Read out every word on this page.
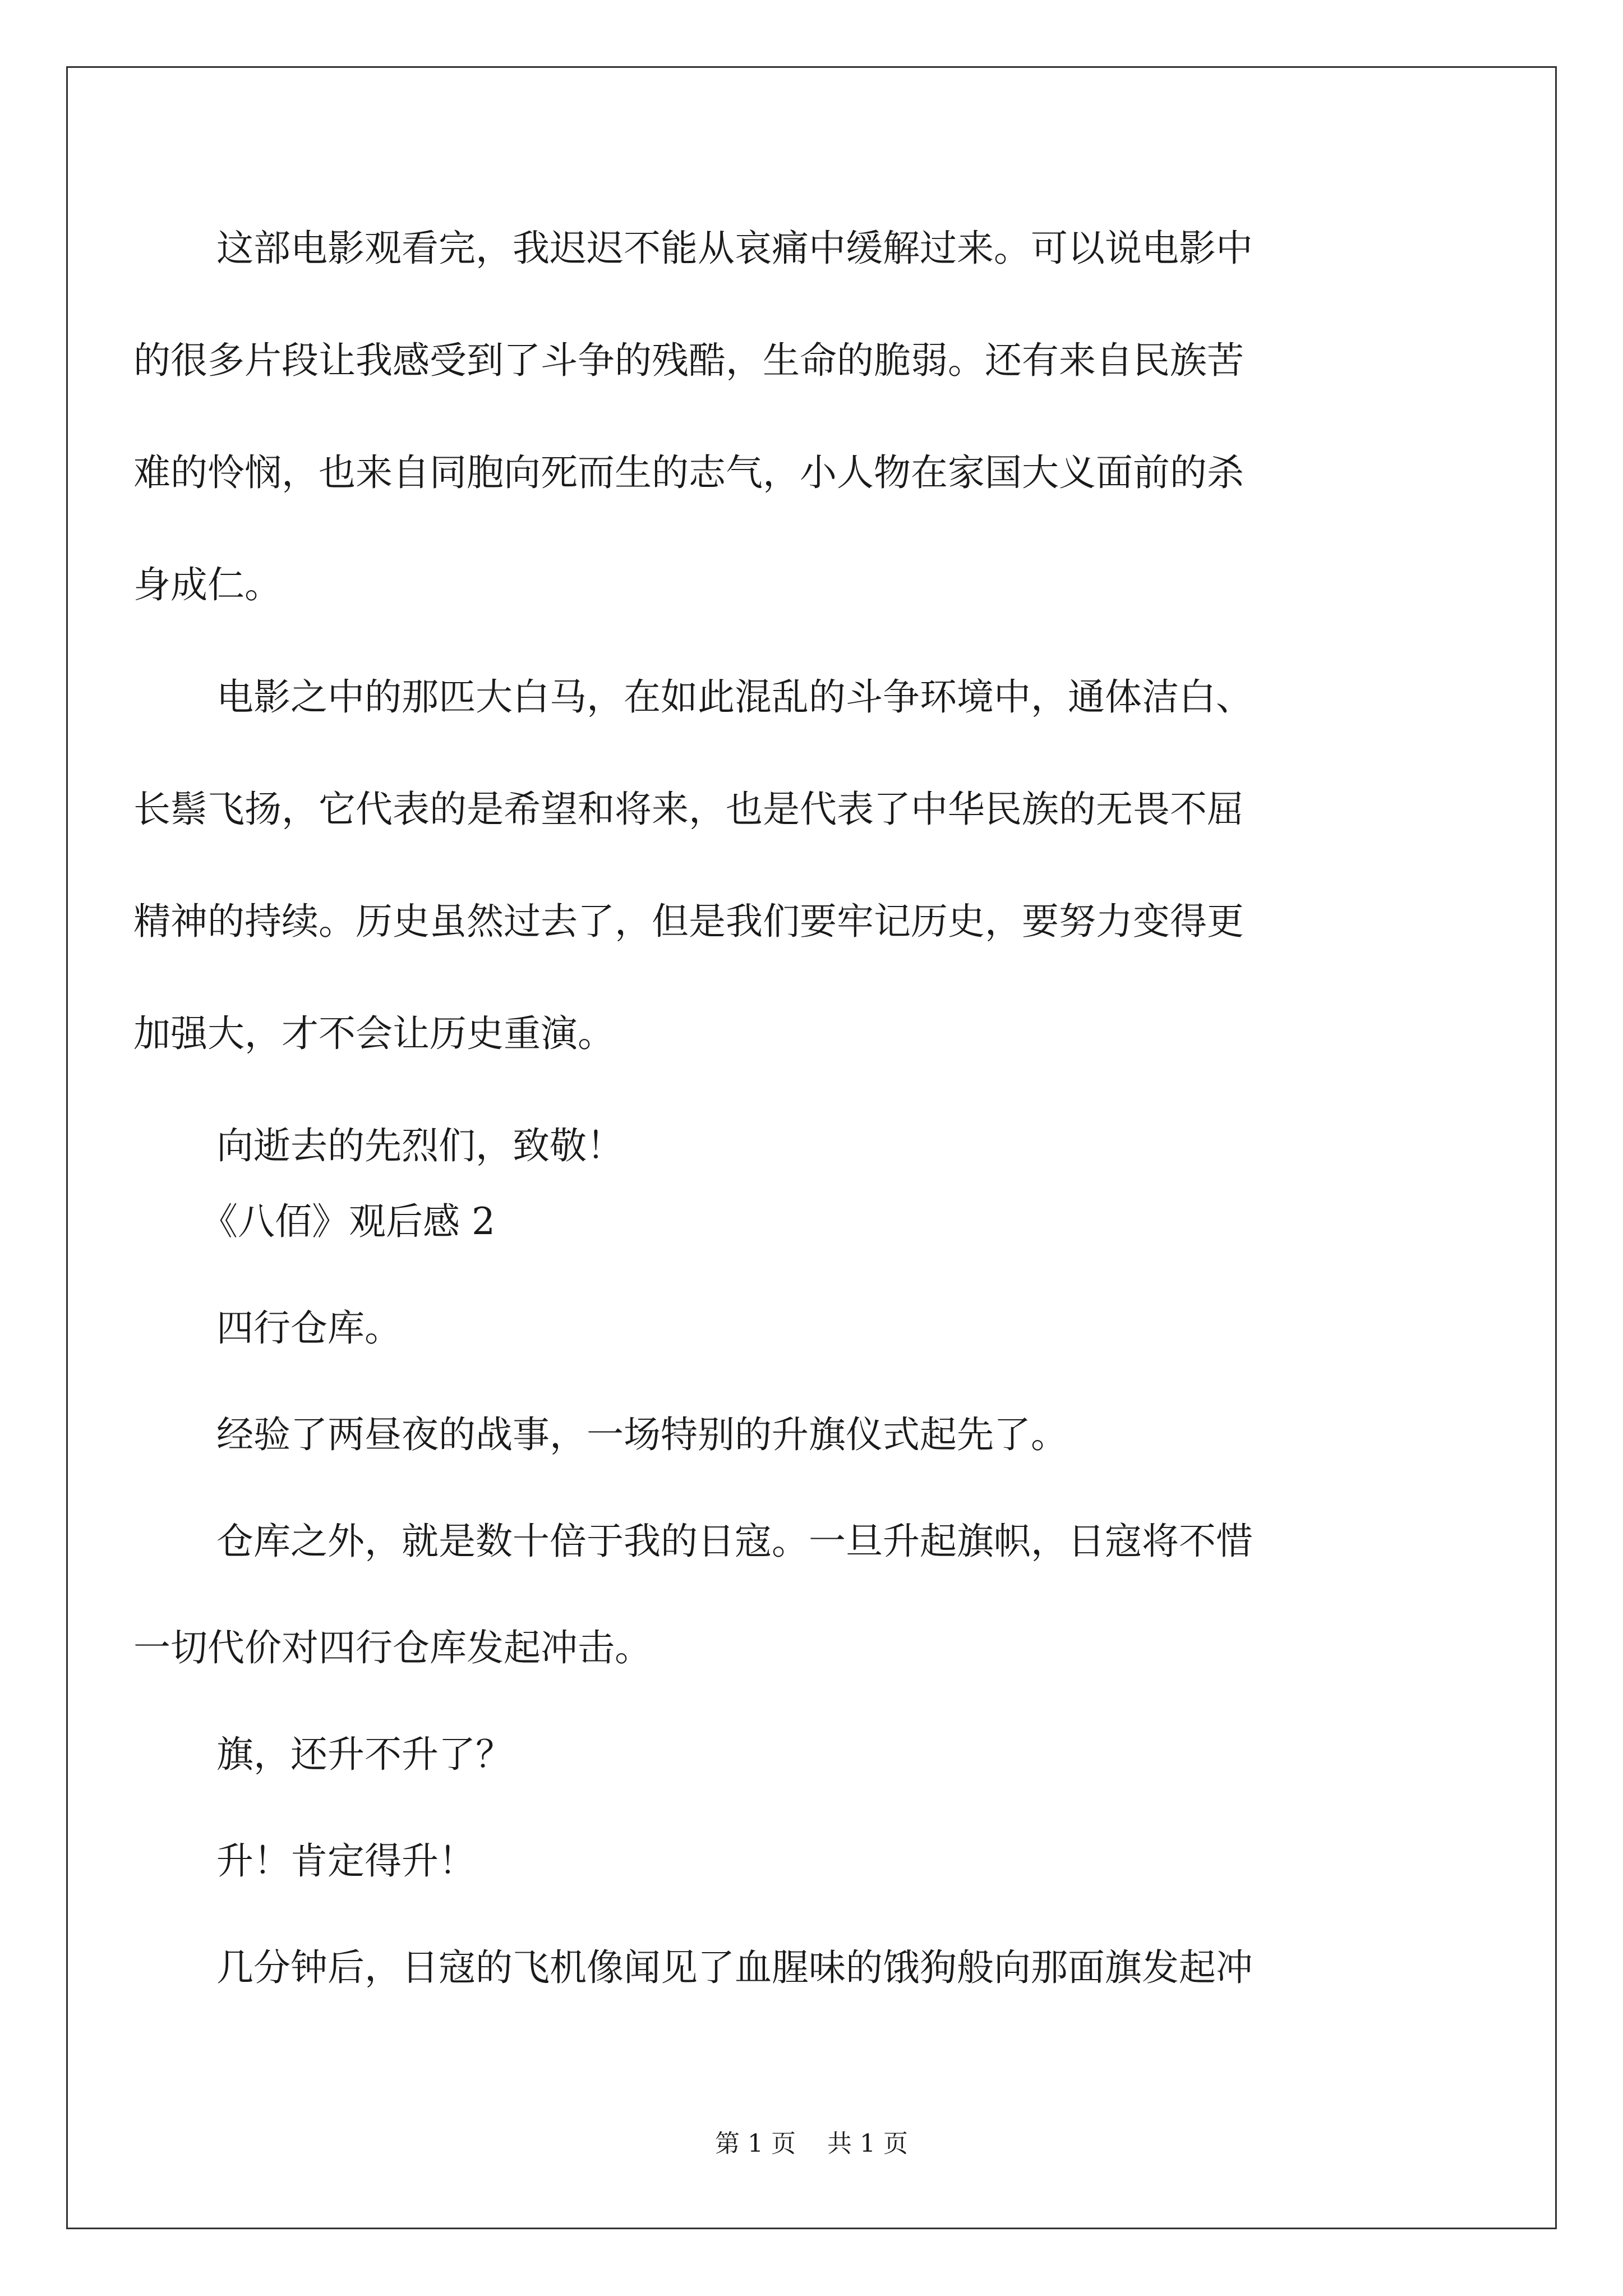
这部电影观看完，我迟迟不能从哀痛中缓解过来。可以说电影中
的很多片段让我感受到了斗争的残酷，生命的脆弱。还有来自民族苦
难的怜悯，也来自同胞向死而生的志气，小人物在家国大义面前的杀
身成仁。
电影之中的那匹大白马，在如此混乱的斗争环境中，通体洁白、
长鬃飞扬，它代表的是希望和将来，也是代表了中华民族的无畏不屈
精神的持续。历史虽然过去了，但是我们要牢记历史，要努力变得更
加强大，才不会让历史重演。
向逝去的先烈们，致敬！
《八佰》观后感 2
四行仓库。
经验了两昼夜的战事，一场特别的升旗仪式起先了。
仓库之外，就是数十倍于我的日寇。一旦升起旗帜，日寇将不惜
一切代价对四行仓库发起冲击。
旗，还升不升了？
升！肯定得升！
几分钟后，日寇的飞机像闻见了血腥味的饿狗般向那面旗发起冲
第 1 页 共 1 页
